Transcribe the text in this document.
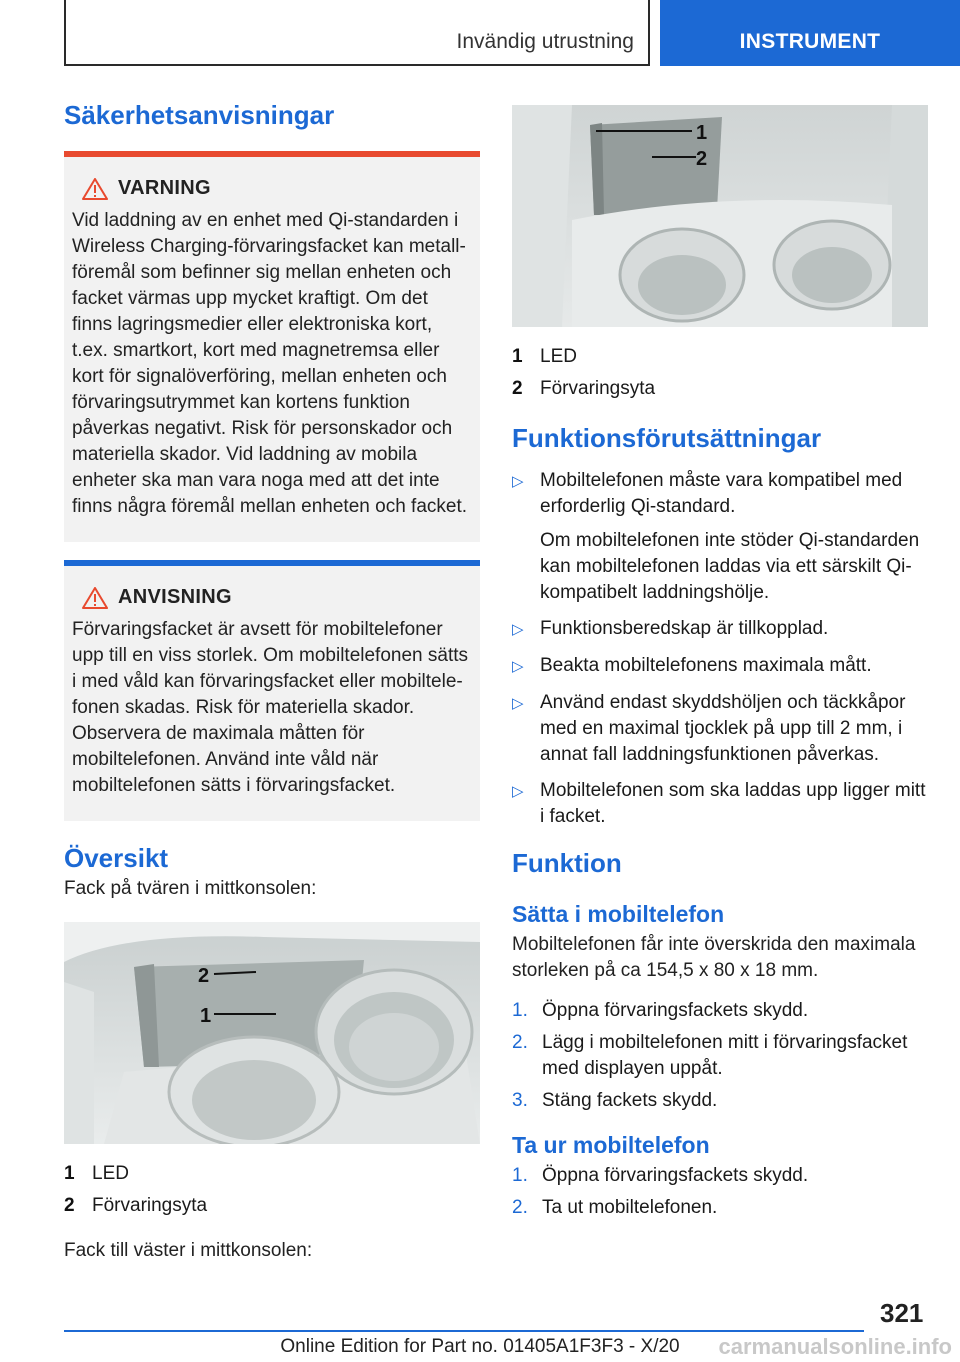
Invändig utrustning	INSTRUMENT
Säkerhetsanvisningar
VARNING
Vid laddning av en enhet med Qi-standarden i Wireless Charging-förvaringsfacket kan metallföremål som befinner sig mellan enheten och facket värmas upp mycket kraftigt. Om det finns lagringsmedier eller elektroniska kort, t.ex. smartkort, kort med magnetremsa eller kort för signalöverföring, mellan enheten och förvaringsutrymmet kan kortens funktion påverkas negativt. Risk för personskador och materiella skador. Vid laddning av mobila enheter ska man vara noga med att det inte finns några föremål mellan enheten och facket.
ANVISNING
Förvaringsfacket är avsett för mobiltelefoner upp till en viss storlek. Om mobiltelefonen sätts i med våld kan förvaringsfacket eller mobiltelefonen skadas. Risk för materiella skador. Observera de maximala måtten för mobiltelefonen. Använd inte våld när mobiltelefonen sätts i förvaringsfacket.
Översikt
Fack på tvären i mittkonsolen:
2
1
1 LED
2 Förvaringsyta
Fack till väster i mittkonsolen:
1
2
1 LED
2 Förvaringsyta
Funktionsförutsättningar
▷ Mobiltelefonen måste vara kompatibel med erforderlig Qi-standard.

Om mobiltelefonen inte stöder Qi-standarden kan mobiltelefonen laddas via ett särskilt Qi-kompatibelt laddningshölje.

▷ Funktionsberedskap är tillkopplad.

▷ Beakta mobiltelefonens maximala mått.

▷ Använd endast skyddshöljen och täckkåpor med en maximal tjocklek på upp till 2 mm, i annat fall laddningsfunktionen påverkas.

▷ Mobiltelefonen som ska laddas upp ligger mitt i facket.

Funktion
Sätta i mobiltelefon
Mobiltelefonen får inte överskrida den maximala storleken på ca 154,5 x 80 x 18 mm.
1. Öppna förvaringsfackets skydd.
2. Lägg i mobiltelefonen mitt i förvaringsfacket med displayen uppåt.
3. Stäng fackets skydd.
Ta ur mobiltelefon
1. Öppna förvaringsfackets skydd.
2. Ta ut mobiltelefonen.
321
Online Edition for Part no. 01405A1F3F3 - X/20	carmanualsonline.info
